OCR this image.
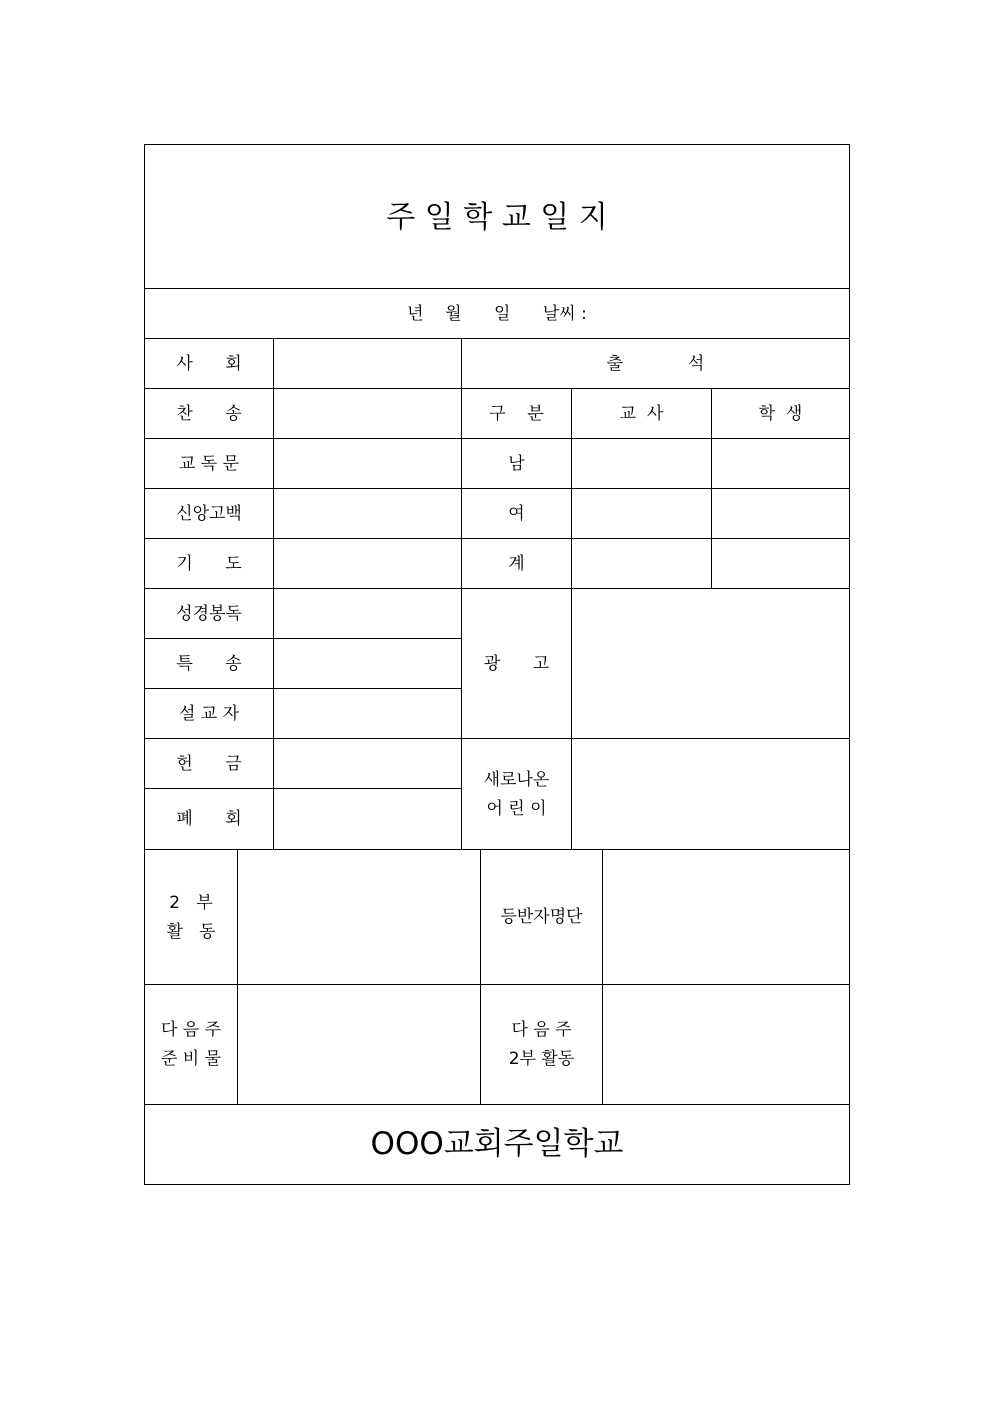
주 일 학 교 일 지
년    월      일      날씨 :
사      회
찬      송
교 독 문
신앙고백
기      도
성경봉독
특      송
설 교 자
헌      금
폐      회
출            석
구    분	교  사	학  생
남
여
계
광      고
새로나온
어 린 이
2   부
활   동
등반자명단
다 음 주
준 비 물
다 음 주
2부 활동
OOO교회주일학교
